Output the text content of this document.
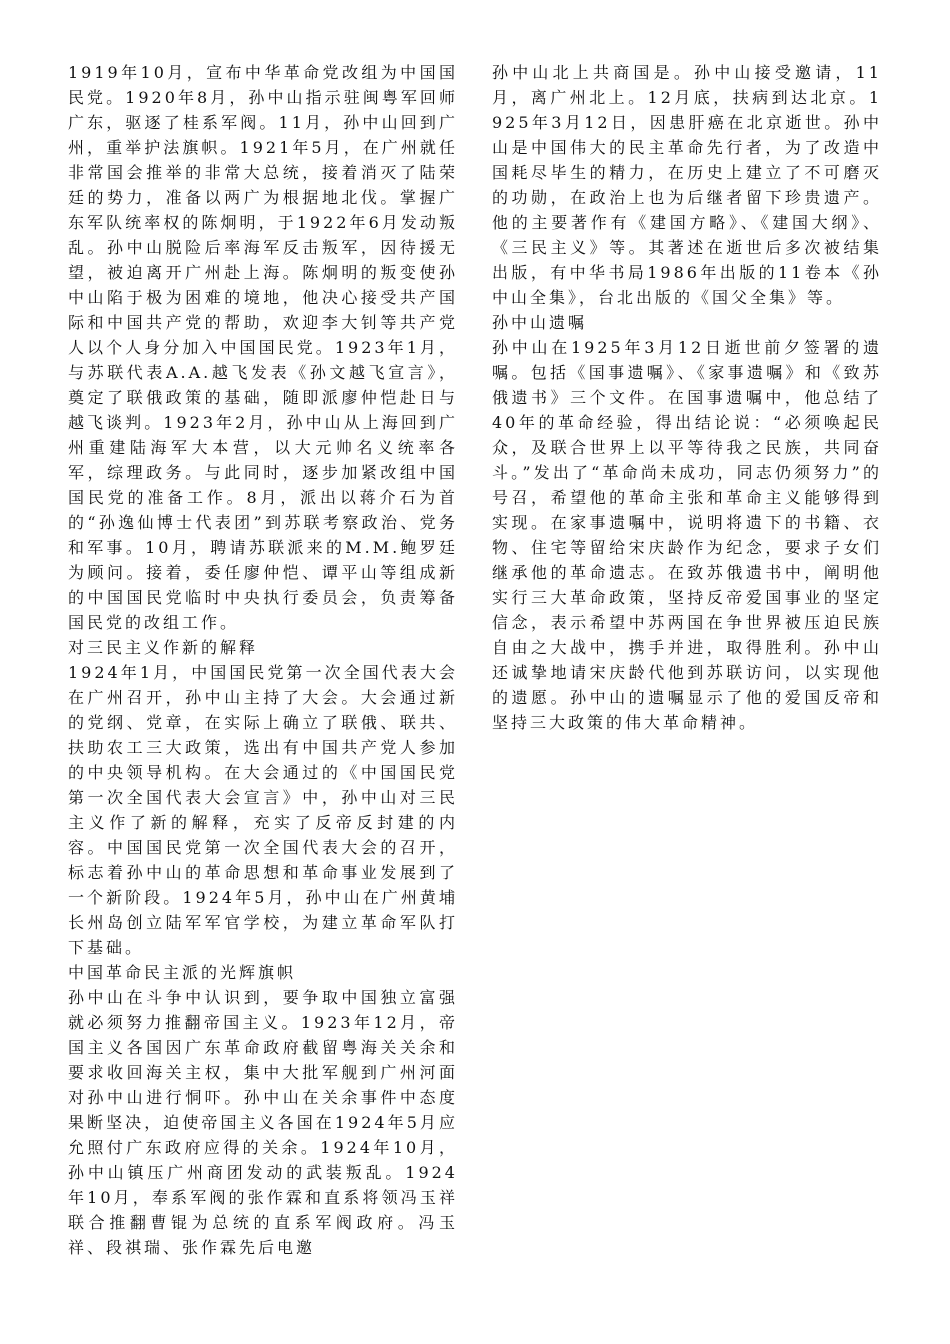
1919年10月，宣布中华革命党改组为中国国民党。1920年8月，孙中山指示驻闽粤军回师广东，驱逐了桂系军阀。11月，孙中山回到广州，重举护法旗帜。1921年5月，在广州就任非常国会推举的非常大总统，接着消灭了陆荣廷的势力，准备以两广为根据地北伐。掌握广东军队统率权的陈炯明，于1922年6月发动叛乱。孙中山脱险后率海军反击叛军，因待援无望，被迫离开广州赴上海。陈炯明的叛变使孙中山陷于极为困难的境地，他决心接受共产国际和中国共产党的帮助，欢迎李大钊等共产党人以个人身分加入中国国民党。1923年1月，与苏联代表A.A.越飞发表《孙文越飞宣言》，奠定了联俄政策的基础，随即派廖仲恺赴日与越飞谈判。1923年2月，孙中山从上海回到广州重建陆海军大本营，以大元帅名义统率各军，综理政务。与此同时，逐步加紧改组中国国民党的准备工作。8月，派出以蒋介石为首的“孙逸仙博士代表团”到苏联考察政治、党务和军事。10月，聘请苏联派来的M.M.鲍罗廷为顾问。接着，委任廖仲恺、谭平山等组成新的中国国民党临时中央执行委员会，负责筹备国民党的改组工作。

对三民主义作新的解释

1924年1月，中国国民党第一次全国代表大会在广州召开，孙中山主持了大会。大会通过新的党纲、党章，在实际上确立了联俄、联共、扶助农工三大政策，选出有中国共产党人参加的中央领导机构。在大会通过的《中国国民党第一次全国代表大会宣言》中，孙中山对三民主义作了新的解释，充实了反帝反封建的内容。中国国民党第一次全国代表大会的召开，标志着孙中山的革命思想和革命事业发展到了一个新阶段。1924年5月，孙中山在广州黄埔长州岛创立陆军军官学校，为建立革命军队打下基础。

中国革命民主派的光辉旗帜

孙中山在斗争中认识到，要争取中国独立富强就必须努力推翻帝国主义。1923年12月，帝国主义各国因广东革命政府截留粤海关关余和要求收回海关主权，集中大批军舰到广州河面对孙中山进行恫吓。孙中山在关余事件中态度果断坚决，迫使帝国主义各国在1924年5月应允照付广东政府应得的关余。1924年10月，孙中山镇压广州商团发动的武装叛乱。1924年10月，奉系军阀的张作霖和直系将领冯玉祥联合推翻曹锟为总统的直系军阀政府。冯玉祥、段祺瑞、张作霖先后电邀

孙中山北上共商国是。孙中山接受邀请，11月，离广州北上。12月底，扶病到达北京。1925年3月12日，因患肝癌在北京逝世。孙中山是中国伟大的民主革命先行者，为了改造中国耗尽毕生的精力，在历史上建立了不可磨灭的功勋，在政治上也为后继者留下珍贵遗产。他的主要著作有《建国方略》、《建国大纲》、《三民主义》等。其著述在逝世后多次被结集出版，有中华书局1986年出版的11卷本《孙中山全集》，台北出版的《国父全集》等。

孙中山遗嘱

孙中山在1925年3月12日逝世前夕签署的遗嘱。包括《国事遗嘱》、《家事遗嘱》和《致苏俄遗书》三个文件。在国事遗嘱中，他总结了40年的革命经验，得出结论说：“必须唤起民众，及联合世界上以平等待我之民族，共同奋斗。”发出了“革命尚未成功，同志仍须努力”的号召，希望他的革命主张和革命主义能够得到实现。在家事遗嘱中，说明将遗下的书籍、衣物、住宅等留给宋庆龄作为纪念，要求子女们继承他的革命遗志。在致苏俄遗书中，阐明他实行三大革命政策，坚持反帝爱国事业的坚定信念，表示希望中苏两国在争世界被压迫民族自由之大战中，携手并进，取得胜利。孙中山还诚挚地请宋庆龄代他到苏联访问，以实现他的遗愿。孙中山的遗嘱显示了他的爱国反帝和坚持三大政策的伟大革命精神。
